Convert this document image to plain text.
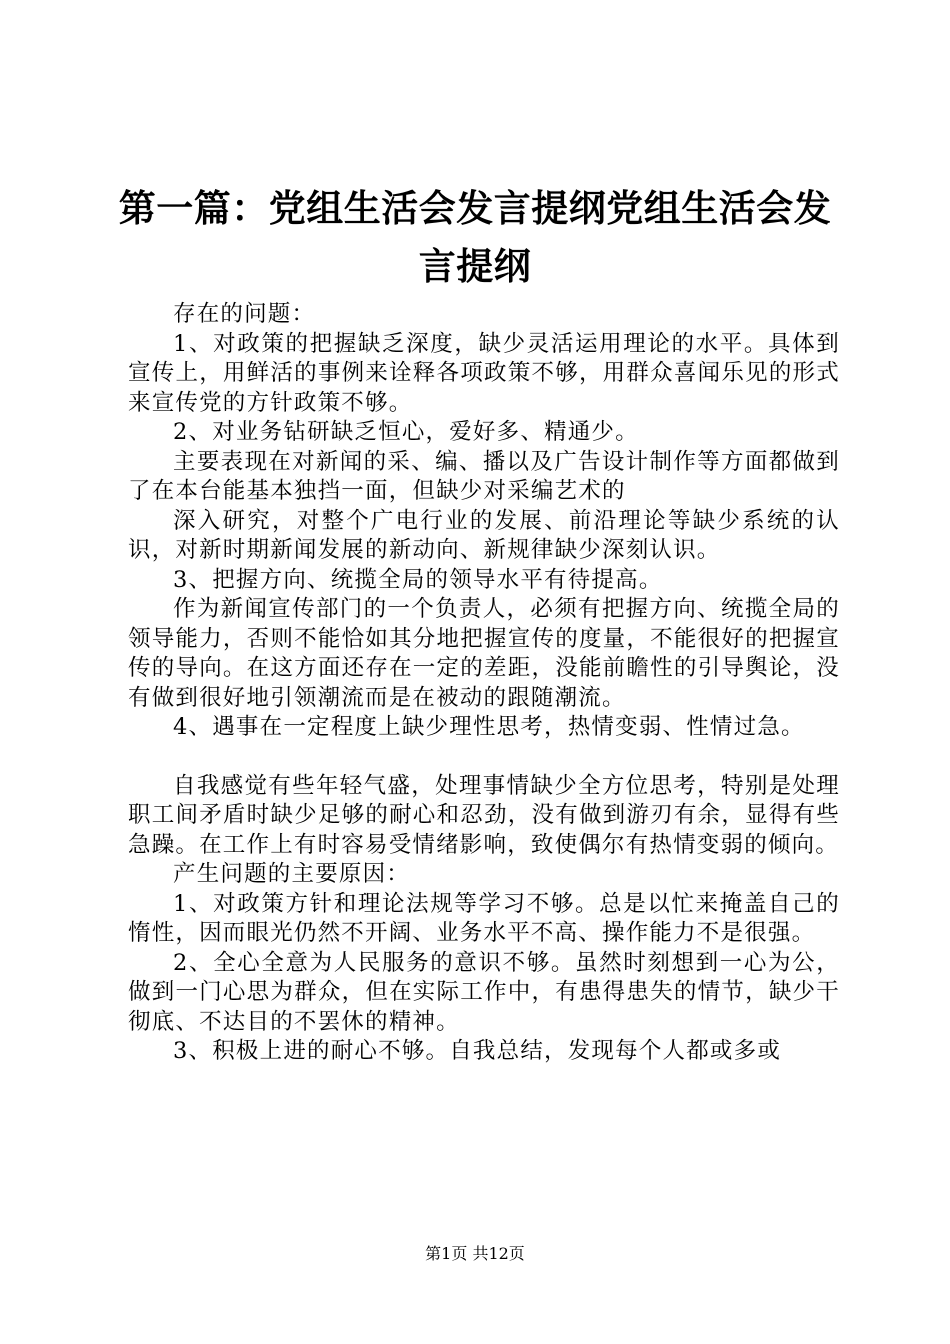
第一篇：党组生活会发言提纲党组生活会发言提纲

存在的问题：

1、对政策的把握缺乏深度，缺少灵活运用理论的水平。具体到宣传上，用鲜活的事例来诠释各项政策不够，用群众喜闻乐见的形式来宣传党的方针政策不够。

2、对业务钻研缺乏恒心，爱好多、精通少。

主要表现在对新闻的采、编、播以及广告设计制作等方面都做到了在本台能基本独挡一面，但缺少对采编艺术的

深入研究，对整个广电行业的发展、前沿理论等缺少系统的认识，对新时期新闻发展的新动向、新规律缺少深刻认识。

3、把握方向、统揽全局的领导水平有待提高。

作为新闻宣传部门的一个负责人，必须有把握方向、统揽全局的领导能力，否则不能恰如其分地把握宣传的度量，不能很好的把握宣传的导向。在这方面还存在一定的差距，没能前瞻性的引导舆论，没有做到很好地引领潮流而是在被动的跟随潮流。

4、遇事在一定程度上缺少理性思考，热情变弱、性情过急。

自我感觉有些年轻气盛，处理事情缺少全方位思考，特别是处理职工间矛盾时缺少足够的耐心和忍劲，没有做到游刃有余，显得有些急躁。在工作上有时容易受情绪影响，致使偶尔有热情变弱的倾向。

产生问题的主要原因：

1、对政策方针和理论法规等学习不够。总是以忙来掩盖自己的惰性，因而眼光仍然不开阔、业务水平不高、操作能力不是很强。

2、全心全意为人民服务的意识不够。虽然时刻想到一心为公，做到一门心思为群众，但在实际工作中，有患得患失的情节，缺少干彻底、不达目的不罢休的精神。

3、积极上进的耐心不够。自我总结，发现每个人都或多或

第1页 共12页
